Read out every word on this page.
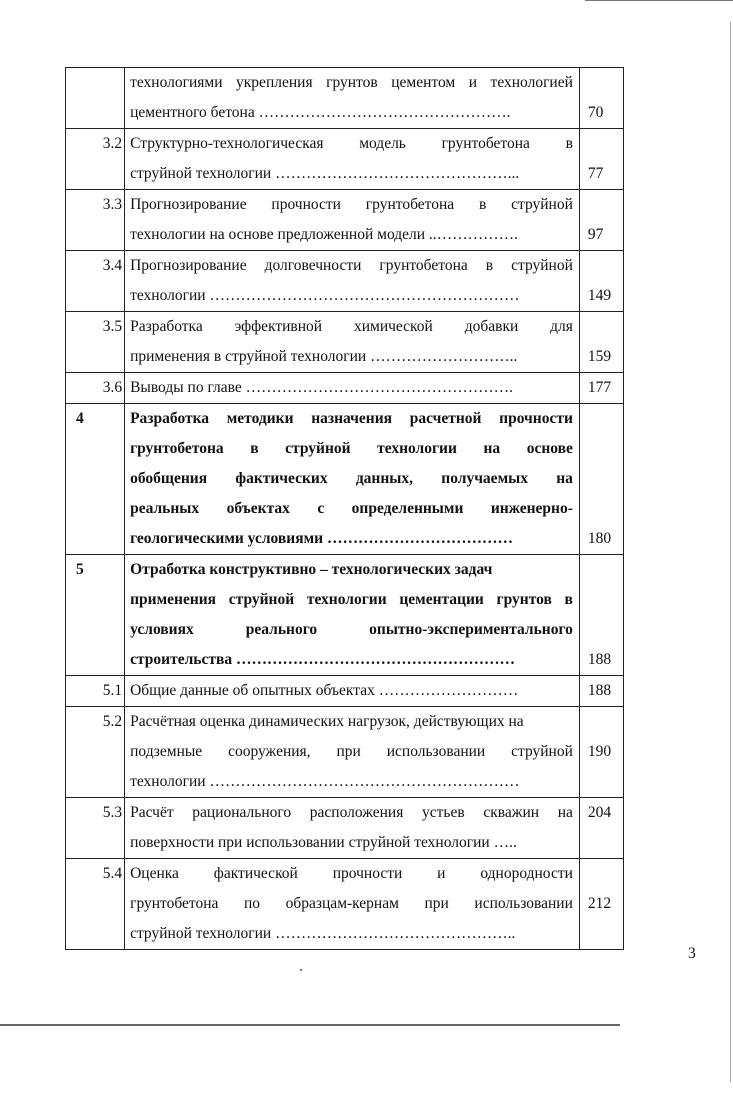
	технологиями укрепления грунтов цементом и технологией
цементного бетона ………………………………………….	70
3.2	Структурно-технологическая модель грунтобетона в
струйной технологии ………………………………………...	77
3.3	Прогнозирование прочности грунтобетона в струйной
технологии на основе предложенной модели ..…………….	97
3.4	Прогнозирование долговечности грунтобетона в струйной
технологии ……………………………………………………	149
3.5	Разработка эффективной химической добавки для
применения в струйной технологии ………………………..	159
3.6	Выводы по главе …………………………………………….	177
4	Разработка методики назначения расчетной прочности
грунтобетона в струйной технологии на основе
обобщения фактических данных, получаемых на
реальных объектах с определенными инженерно-
геологическими условиями ………………………………	180
5	Отработка конструктивно – технологических задач
применения струйной технологии цементации грунтов в
условиях реального опытно-экспериментального
строительства ………………………………………………	188
5.1	Общие данные об опытных объектах ………………………	188
5.2	Расчётная оценка динамических нагрузок, действующих на
подземные сооружения, при использовании струйной
технологии ……………………………………………………	190
5.3	Расчёт рационального расположения устьев скважин на
поверхности при использовании струйной технологии …..	204
5.4	Оценка фактической прочности и однородности
грунтобетона по образцам-кернам при использовании
струйной технологии ………………………………………..	212
3
